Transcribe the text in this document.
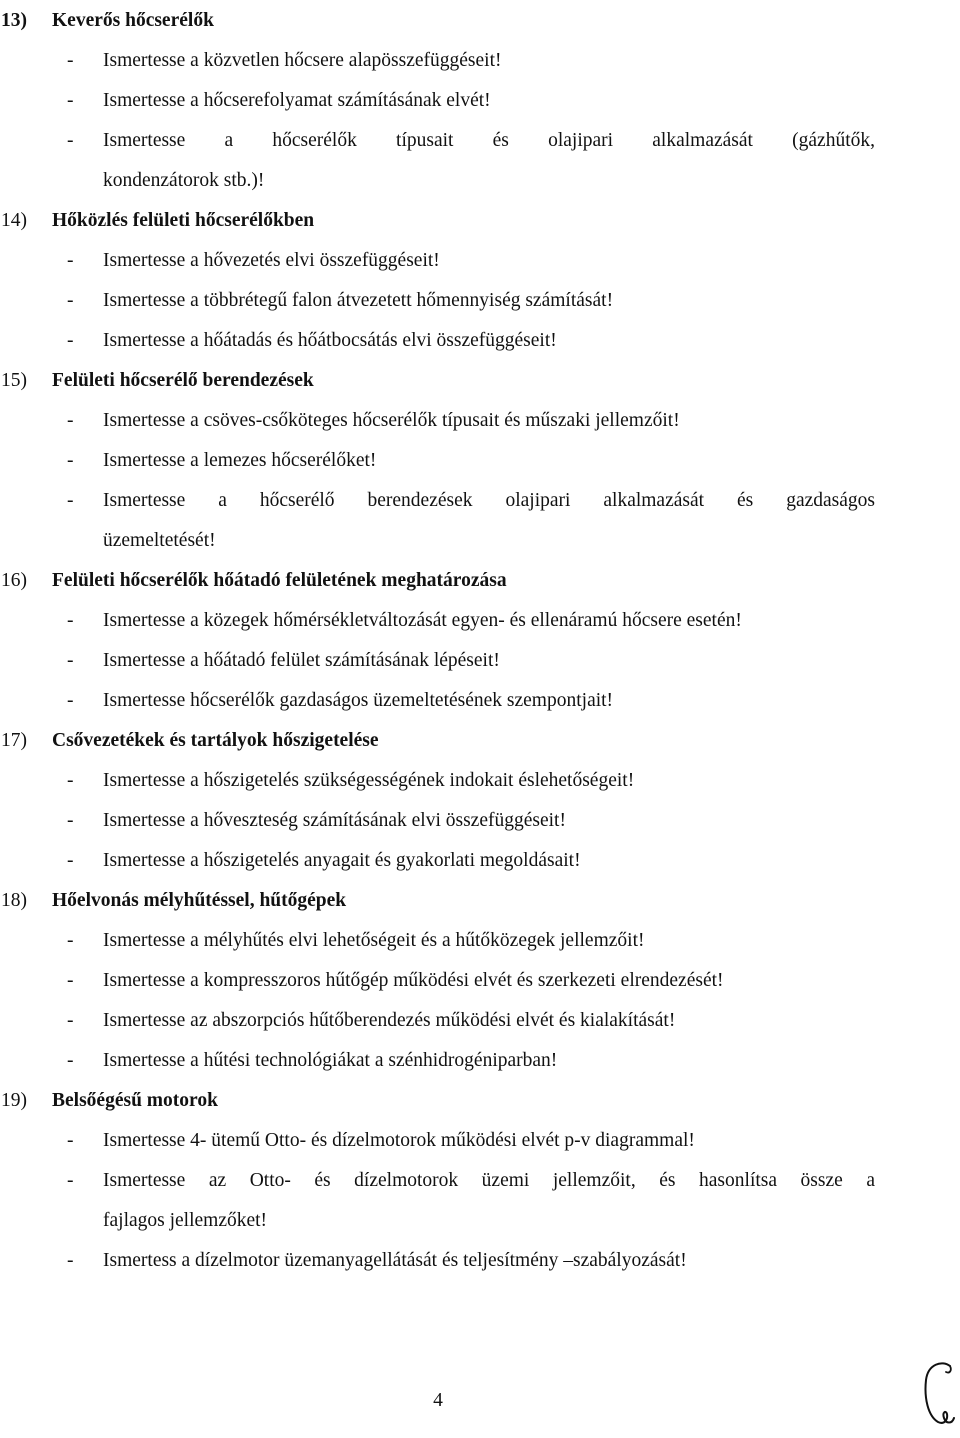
13) Keverős hőcserélők
- Ismertesse a közvetlen hőcsere alapösszefüggéseit!
- Ismertesse a hőcserefolyamat számításának elvét!
- Ismertesse a hőcserélők típusait és olajipari alkalmazását (gázhűtők,
kondenzátorok stb.)!
14) Hőközlés felületi hőcserélőkben
- Ismertesse a hővezetés elvi összefüggéseit!
- Ismertesse a többrétegű falon átvezetett hőmennyiség számítását!
- Ismertesse a hőátadás és hőátbocsátás elvi összefüggéseit!
15) Felületi hőcserélő berendezések
- Ismertesse a csöves-csőköteges hőcserélők típusait és műszaki jellemzőit!
- Ismertesse a lemezes hőcserélőket!
- Ismertesse a hőcserélő berendezések olajipari alkalmazását és gazdaságos
üzemeltetését!
16) Felületi hőcserélők hőátadó felületének meghatározása
- Ismertesse a közegek hőmérsékletváltozását egyen- és ellenáramú hőcsere esetén!
- Ismertesse a hőátadó felület számításának lépéseit!
- Ismertesse hőcserélők gazdaságos üzemeltetésének szempontjait!
17) Csővezetékek és tartályok hőszigetelése
- Ismertesse a hőszigetelés szükségességének indokait éslehetőségeit!
- Ismertesse a hőveszteség számításának elvi összefüggéseit!
- Ismertesse a hőszigetelés anyagait és gyakorlati megoldásait!
18) Hőelvonás mélyhűtéssel, hűtőgépek
- Ismertesse a mélyhűtés elvi lehetőségeit és a hűtőközegek jellemzőit!
- Ismertesse a kompresszoros hűtőgép működési elvét és szerkezeti elrendezését!
- Ismertesse az abszorpciós hűtőberendezés működési elvét és kialakítását!
- Ismertesse a hűtési technológiákat a szénhidrogéniparban!
19) Belsőégésű motorok
- Ismertesse 4- ütemű Otto- és dízelmotorok működési elvét p-v diagrammal!
- Ismertesse az Otto- és dízelmotorok üzemi jellemzőit, és hasonlítsa össze a
fajlagos jellemzőket!
- Ismertess a dízelmotor üzemanyagellátását és teljesítmény –szabályozását!
4
